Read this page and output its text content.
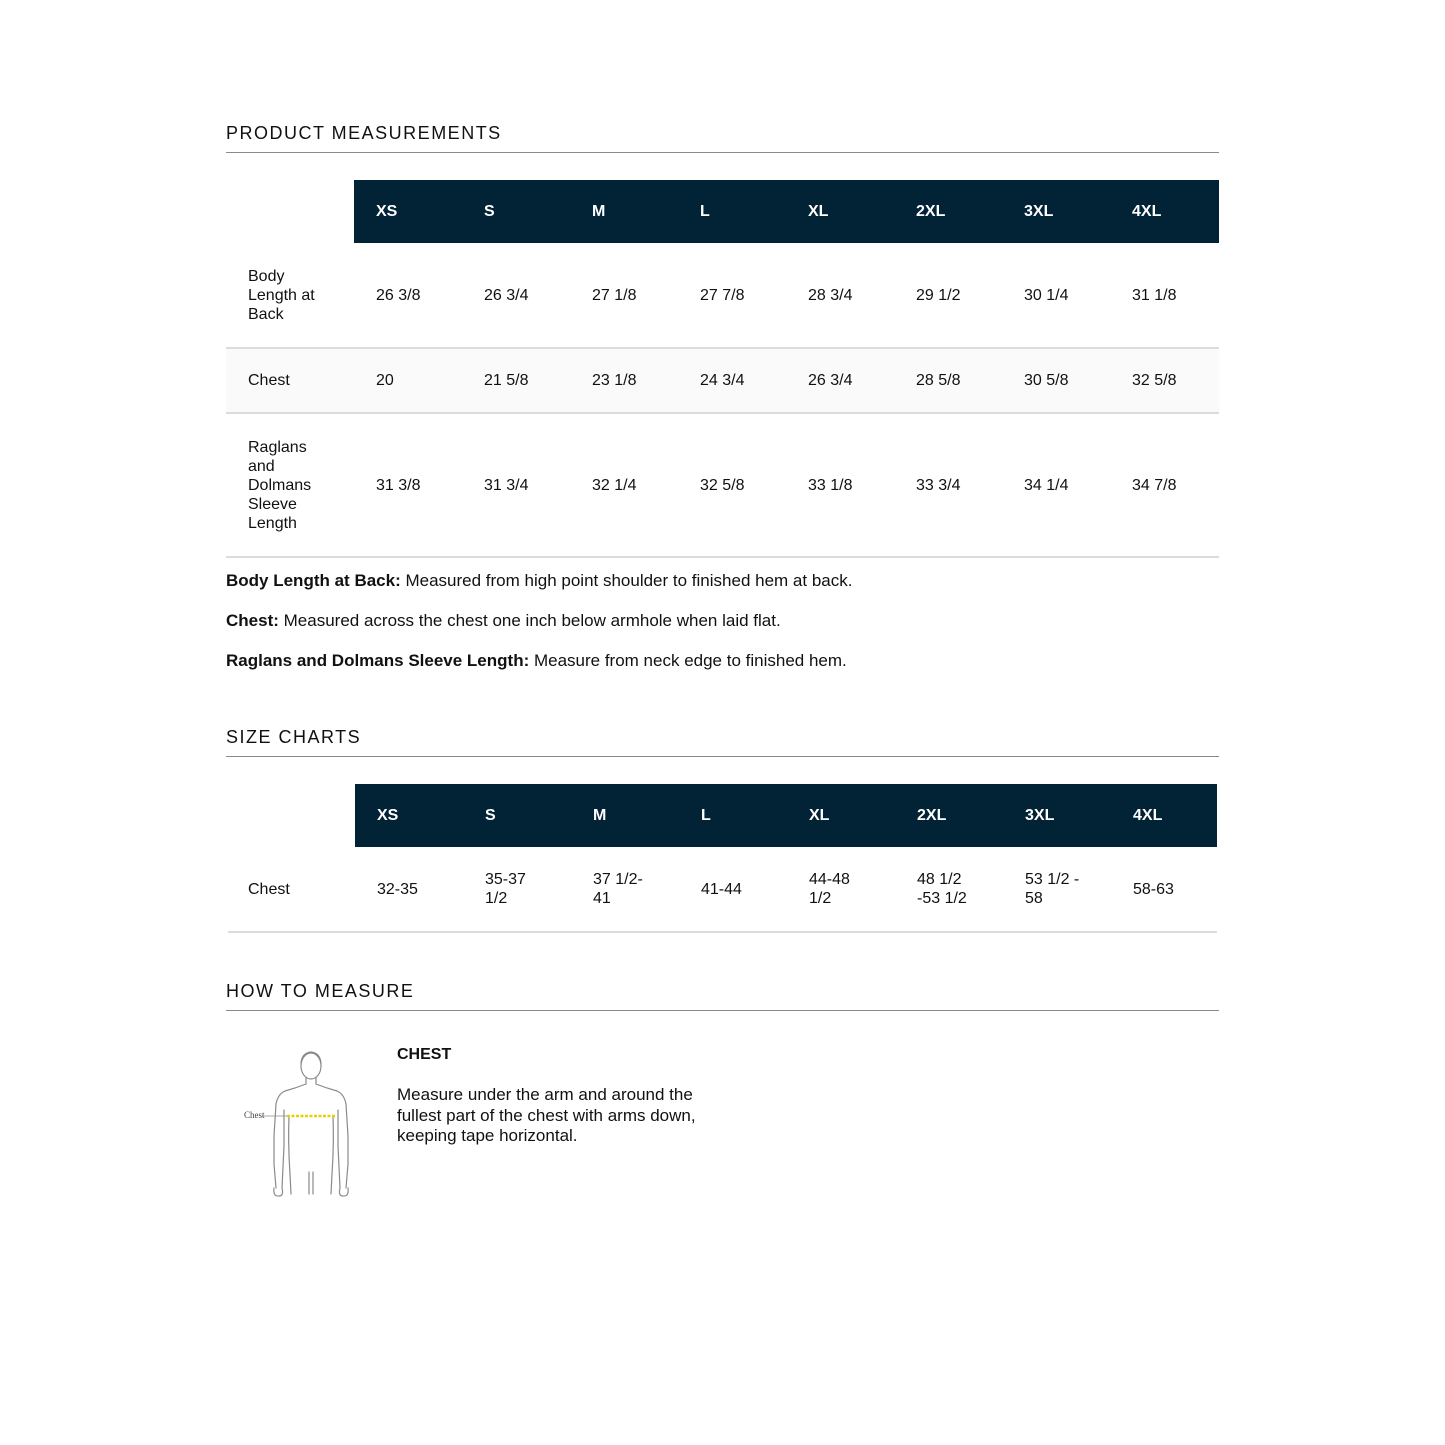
PRODUCT MEASUREMENTS
	XS	S	M	L	XL	2XL	3XL	4XL
Body Length at Back	26 3/8	26 3/4	27 1/8	27 7/8	28 3/4	29 1/2	30 1/4	31 1/8
Chest	20	21 5/8	23 1/8	24 3/4	26 3/4	28 5/8	30 5/8	32 5/8
Raglans and Dolmans Sleeve Length	31 3/8	31 3/4	32 1/4	32 5/8	33 1/8	33 3/4	34 1/4	34 7/8
Body Length at Back: Measured from high point shoulder to finished hem at back.
Chest: Measured across the chest one inch below armhole when laid flat.
Raglans and Dolmans Sleeve Length: Measure from neck edge to finished hem.
SIZE CHARTS
	XS	S	M	L	XL	2XL	3XL	4XL
Chest	32-35	35-37 1/2	37 1/2-41	41-44	44-48 1/2	48 1/2 -53 1/2	53 1/2 - 58	58-63
HOW TO MEASURE
Chest
CHEST
Measure under the arm and around the fullest part of the chest with arms down, keeping tape horizontal.
